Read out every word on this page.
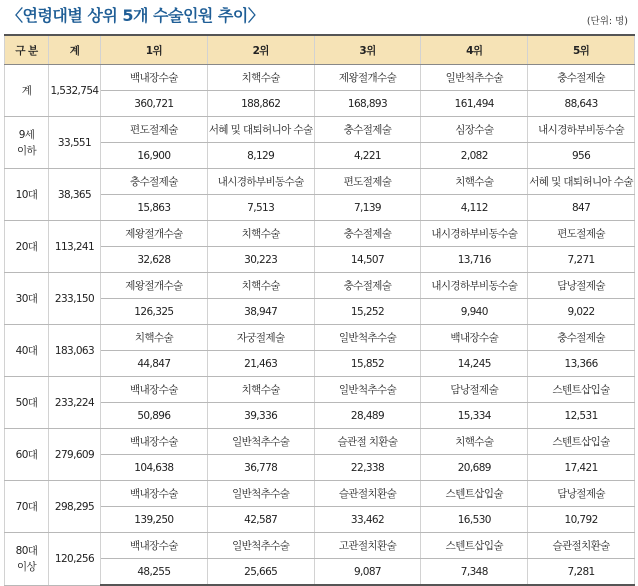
〈연령대별 상위 5개 수술인원 추이〉	(단위: 명)
구 분	계	1위	2위	3위	4위	5위
계	1,532,754	백내장수술	치핵수술	제왕절개수술	일반척추수술	충수절제술
		360,721	188,862	168,893	161,494	88,643
9세
이하	33,551	편도절제술	서혜 및 대퇴허니아 수술	충수절제술	심장수술	내시경하부비동수술
		16,900	8,129	4,221	2,082	956
10대	38,365	충수절제술	내시경하부비동수술	편도절제술	치핵수술	서혜 및 대퇴허니아 수술
		15,863	7,513	7,139	4,112	847
20대	113,241	제왕절개수술	치핵수술	충수절제술	내시경하부비동수술	편도절제술
		32,628	30,223	14,507	13,716	7,271
30대	233,150	제왕절개수술	치핵수술	충수절제술	내시경하부비동수술	담낭절제술
		126,325	38,947	15,252	9,940	9,022
40대	183,063	치핵수술	자궁절제술	일반척추수술	백내장수술	충수절제술
		44,847	21,463	15,852	14,245	13,366
50대	233,224	백내장수술	치핵수술	일반척추수술	담낭절제술	스텐트삽입술
		50,896	39,336	28,489	15,334	12,531
60대	279,609	백내장수술	일반척추수술	슬관절 치환술	치핵수술	스텐트삽입술
		104,638	36,778	22,338	20,689	17,421
70대	298,295	백내장수술	일반척추수술	슬관절치환술	스텐트삽입술	담낭절제술
		139,250	42,587	33,462	16,530	10,792
80대
이상	120,256	백내장수술	일반척추수술	고관절치환술	스텐트삽입술	슬관절치환술
		48,255	25,665	9,087	7,348	7,281
